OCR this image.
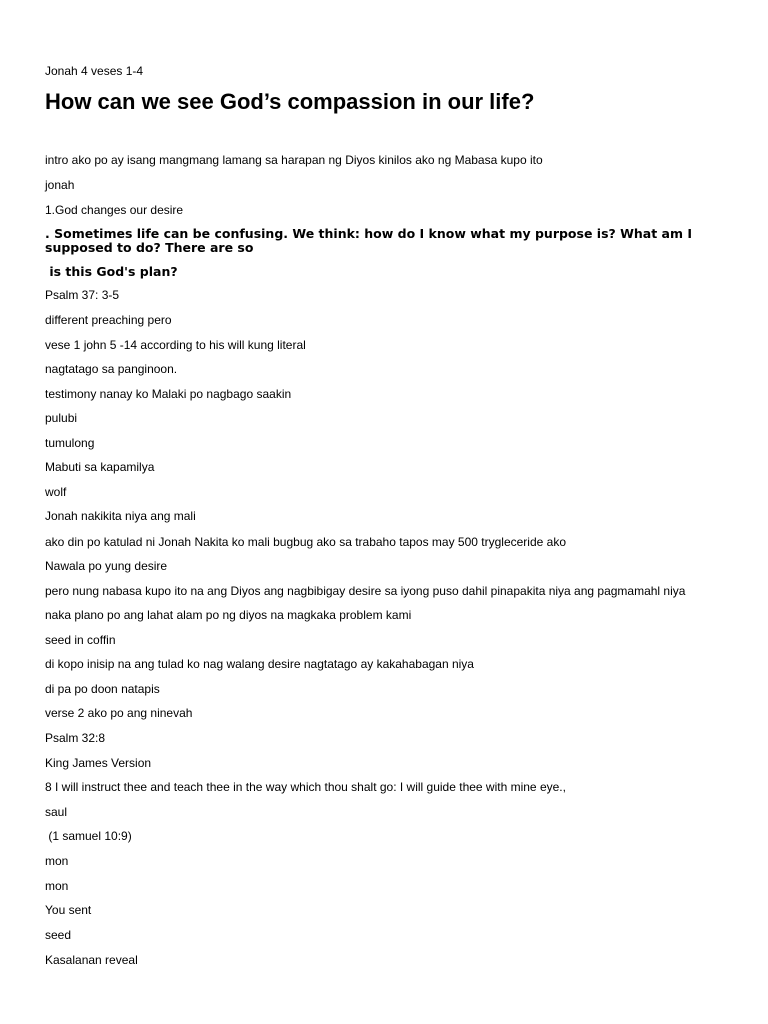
Jonah 4 veses 1-4
How can we see God’s compassion in our life?
intro ako po ay isang mangmang lamang sa harapan ng Diyos kinilos ako ng Mabasa kupo ito
jonah
1.God changes our desire
. Sometimes life can be confusing. We think: how do I know what my purpose is? What am I supposed to do? There are so
is this God's plan?
Psalm 37: 3-5
different preaching pero
vese 1 john 5 -14 according to his will kung literal
nagtatago sa panginoon.
testimony nanay ko Malaki po nagbago saakin
pulubi
tumulong
Mabuti sa kapamilya
wolf
Jonah nakikita niya ang mali
ako din po katulad ni Jonah Nakita ko mali bugbug ako sa trabaho tapos may 500 tryglecerіde ako
Nawala po yung desire
pero nung nabasa kupo ito na ang Diyos ang nagbibigay desire sa iyong puso dahil pinapakita niya ang pagmamahl niya
naka plano po ang lahat alam po ng diyos na magkaka problem kami
seed in coffin
di kopo inisip na ang tulad ko nag walang desire nagtatago ay kakahabagan niya
di pa po doon natapis
verse 2 ako po ang ninevah
Psalm 32:8
King James Version
8 I will instruct thee and teach thee in the way which thou shalt go: I will guide thee with mine eye.,
saul
(1 samuel 10:9)
mon
mon
You sent
seed
Kasalanan reveal
